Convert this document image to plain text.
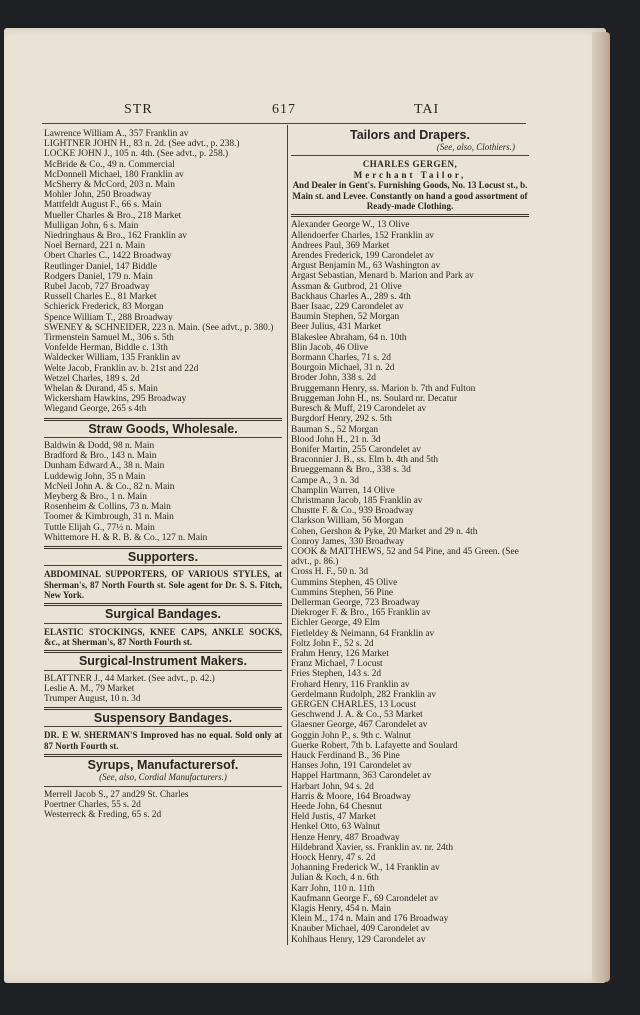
STR	617	TAI
Lawrence William A., 357 Franklin av
LIGHTNER JOHN H., 83 n. 2d. (See advt., p. 238.)
LOCKE JOHN J., 105 n. 4th. (See advt., p. 258.)
McBride & Co., 49 n. Commercial
McDonnell Michael, 180 Franklin av
McSherry & McCord, 203 n. Main
Mohler John, 250 Broadway
Mattfeldt August F., 66 s. Main
Mueller Charles & Bro., 218 Market
Mulligan John, 6 s. Main
Niedringhaus & Bro., 162 Franklin av
Noel Bernard, 221 n. Main
Obert Charles C., 1422 Broadway
Reutlinger Daniel, 147 Biddle
Rodgers Daniel, 179 n. Main
Rubel Jacob, 727 Broadway
Russell Charles E., 81 Market
Schierick Frederick, 83 Morgan
Spence William T., 288 Broadway
SWENEY & SCHNEIDER, 223 n. Main. (See advt., p. 380.)
Tirmenstein Samuel M., 306 s. 5th
Vonfelde Herman, Biddle c. 13th
Waldecker William, 135 Franklin av
Welte Jacob, Franklin av. b. 21st and 22d
Wetzel Charles, 189 s. 2d
Whelan & Durand, 45 s. Main
Wickersham Hawkins, 295 Broadway
Wiegand George, 265 s 4th
Straw Goods, Wholesale.
Baldwin & Dodd, 98 n. Main
Bradford & Bro., 143 n. Main
Dunham Edward A., 38 n. Main
Luddewig John, 35 n Main
McNeil John A. & Co., 82 n. Main
Meyberg & Bro., 1 n. Main
Rosenheim & Collins, 73 n. Main
Toomer & Kimbrough, 31 n. Main
Tuttle Elijah G., 77½ n. Main
Whittemore H. & R. B. & Co., 127 n. Main
Supporters.
ABDOMINAL SUPPORTERS, OF VARIOUS STYLES, at Sherman's, 87 North Fourth st. Sole agent for Dr. S. S. Fitch, New York.
Surgical Bandages.
ELASTIC STOCKINGS, KNEE CAPS, ANKLE SOCKS, &c., at Sherman's, 87 North Fourth st.
Surgical-Instrument Makers.
BLATTNER J., 44 Market. (See advt., p. 42.)
Leslie A. M., 79 Market
Trumper August, 10 n. 3d
Suspensory Bandages.
DR. E W. SHERMAN'S Improved has no equal. Sold only at 87 North Fourth st.
Syrups, Manufacturersof.
(See, also, Cordial Manufacturers.)
Merrell Jacob S., 27 and29 St. Charles
Poertner Charles, 55 s. 2d
Westerreck & Freding, 65 s. 2d
Tailors and Drapers.
(See, also, Clothiers.)
CHARLES GERGEN,
Merchant Tailor,
And Dealer in Gent's. Furnishing Goods, No. 13 Locust st., b. Main st. and Levee. Constantly on hand a good assortment of Ready-made Clothing.
Alexander George W., 13 Olive
Allendoerfer Charles, 152 Franklin av
Andrees Paul, 369 Market
Arendes Frederick, 199 Carondelet av
Argust Benjamin M., 63 Washington av
Argast Sebastian, Menard b. Marion and Park av
Assman & Gutbrod, 21 Olive
Backhaus Charles A., 289 s. 4th
Baer Isaac, 229 Carondelet av
Baumin Stephen, 52 Morgan
Beer Julius, 431 Market
Blakeslee Abraham, 64 n. 10th
Blin Jacob, 46 Olive
Bormann Charles, 71 s. 2d
Bourgoin Michael, 31 n. 2d
Broder John, 338 s. 2d
Bruggemann Henry, ss. Marion b. 7th and Fulton
Bruggeman John H., ns. Soulard nr. Decatur
Buresch & Muff, 219 Carondelet av
Burgdorf Henry, 292 s. 5th
Bauman S., 52 Morgan
Blood John H., 21 n. 3d
Bonifer Martin, 255 Carondelet av
Braconnier J. B., ss. Elm b. 4th and 5th
Brueggemann & Bro., 338 s. 3d
Campe A., 3 n. 3d
Champlin Warren, 14 Olive
Christmann Jacob, 185 Franklin av
Chustte F. & Co., 939 Broadway
Clarkson William, 56 Morgan
Cohen, Gershon & Pyke, 20 Market and 29 n. 4th
Conroy James, 330 Broadway
COOK & MATTHEWS, 52 and 54 Pine, and 45 Green. (See advt., p. 86.)
Cross H. F., 50 n. 3d
Cummins Stephen, 45 Olive
Cummins Stephen, 56 Pine
Dellerman George, 723 Broadway
Diekroger F. & Bro., 165 Franklin av
Eichler George, 49 Elm
Fietleldey & Neimann, 64 Franklin av
Foltz John F., 52 s. 2d
Frahm Henry, 126 Market
Franz Michael, 7 Locust
Fries Stephen, 143 s. 2d
Frohard Henry, 116 Franklin av
Gerdelmann Rudolph, 282 Franklin av
GERGEN CHARLES, 13 Locust
Geschwend J. A. & Co., 53 Market
Glaesner George, 467 Carondelet av
Goggin John P., s. 9th c. Walnut
Guerke Robert, 7th b. Lafayette and Soulard
Hauck Ferdinand B., 36 Pine
Hanses John, 191 Carondelet av
Happel Hartmann, 363 Carondelet av
Harbart John, 94 s. 2d
Harris & Moore, 164 Broadway
Heede John, 64 Chesnut
Held Justis, 47 Market
Henkel Otto, 63 Walnut
Henze Henry, 487 Broadway
Hildebrand Xavier, ss. Franklin av. nr. 24th
Hoock Henry, 47 s. 2d
Johanning Frederick W., 14 Franklin av
Julian & Koch, 4 n. 6th
Karr John, 110 n. 11th
Kaufmann George F., 69 Carondelet av
Klagis Henry, 454 n. Main
Klein M., 174 n. Main and 176 Broadway
Knauber Michael, 409 Carondelet av
Kohlhaus Henry, 129 Carondelet av
